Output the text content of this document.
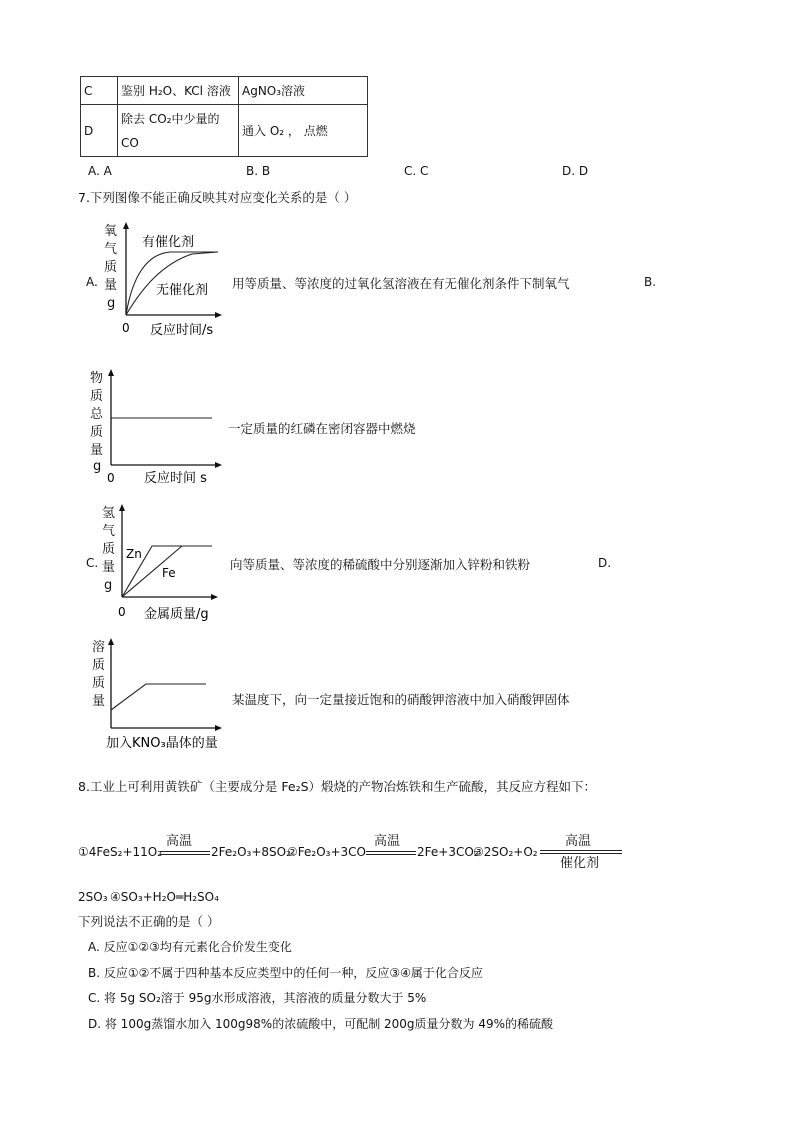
C	鉴别 H₂O、KCl 溶液	AgNO₃溶液
D	除去 CO₂中少量的CO	通入 O₂ ， 点燃
A. A	B. B	C. C	D. D
7.下列图像不能正确反映其对应变化关系的是（ ）
A.
氧
气
质
量
g
有催化剂
无催化剂
0 反应时间/s
用等质量、等浓度的过氧化氢溶液在有无催化剂条件下制氧气	B.
物
质
总
质
量
g
0 反应时间 s
一定质量的红磷在密闭容器中燃烧
C.
氢
气
质
量
g
Zn
Fe
0 金属质量/g
向等质量、等浓度的稀硫酸中分别逐渐加入锌粉和铁粉	D.
溶
质
质
量
加入KNO₃晶体的量
某温度下，向一定量接近饱和的硝酸钾溶液中加入硝酸钾固体
8.工业上可利用黄铁矿（主要成分是 Fe₂S）煅烧的产物冶炼铁和生产硫酸，其反应方程如下：
①4FeS₂+11O₂
高温
2Fe₂O₃+8SO₂
②Fe₂O₃+3CO
高温
2Fe+3CO₂
③2SO₂+O₂
高温
催化剂
2SO₃ ④SO₃+H₂O═H₂SO₄
下列说法不正确的是（ ）
A. 反应①②③均有元素化合价发生变化
B. 反应①②不属于四种基本反应类型中的任何一种，反应③④属于化合反应
C. 将 5g SO₂溶于 95g水形成溶液，其溶液的质量分数大于 5%
D. 将 100g蒸馏水加入 100g98%的浓硫酸中，可配制 200g质量分数为 49%的稀硫酸
